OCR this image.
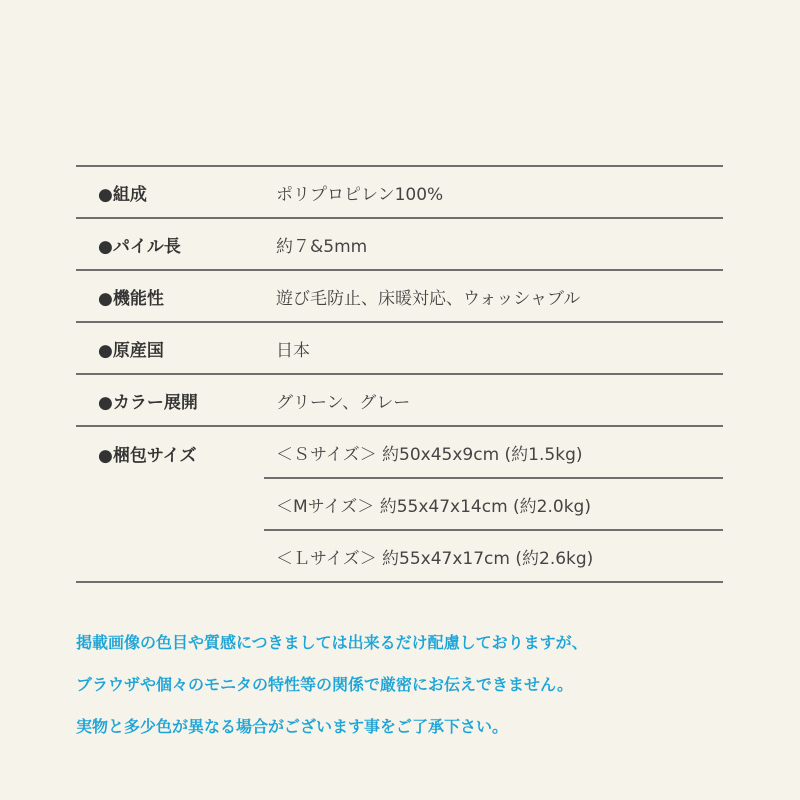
●組成	ポリプロピレン100%
●パイル長	約７&5mm
●機能性	遊び毛防止、床暖対応、ウォッシャブル
●原産国	日本
●カラー展開	グリーン、グレー
●梱包サイズ	＜Ｓサイズ＞ 約50x45x9cm (約1.5kg)
＜Mサイズ＞ 約55x47x14cm (約2.0kg)
＜Ｌサイズ＞ 約55x47x17cm (約2.6kg)

掲載画像の色目や質感につきましては出来るだけ配慮しておりますが、

ブラウザや個々のモニタの特性等の関係で厳密にお伝えできません。

実物と多少色が異なる場合がございます事をご了承下さい。
